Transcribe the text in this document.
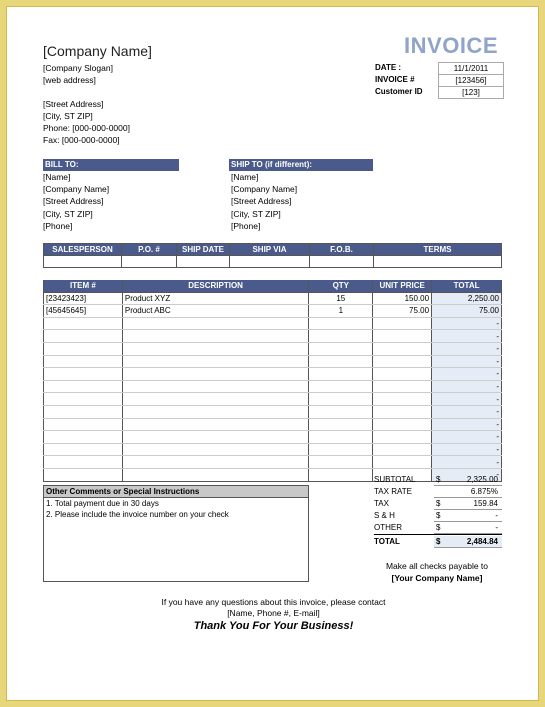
[Company Name]
[Company Slogan]
[web address]
[Street Address]
[City, ST ZIP]
Phone: [000-000-0000]
Fax: [000-000-0000]
INVOICE
DATE :	11/1/2011
INVOICE #	[123456]
Customer ID	[123]
BILL TO:
[Name]
[Company Name]
[Street Address]
[City, ST ZIP]
[Phone]
SHIP TO (if different):
[Name]
[Company Name]
[Street Address]
[City, ST ZIP]
[Phone]
SALESPERSON	P.O. #	SHIP DATE	SHIP VIA	F.O.B.	TERMS

ITEM #	DESCRIPTION	QTY	UNIT PRICE	TOTAL
[23423423]	Product XYZ	15	150.00	2,250.00
[45645645]	Product ABC	1	75.00	75.00
				-
				-
				-
				-
				-
				-
				-
				-
				-
				-
				-
				-
				-
Other Comments or Special Instructions
1. Total payment due in 30 days
2. Please include the invoice number on your check
SUBTOTAL	$	2,325.00
TAX RATE	6.875%
TAX	$	159.84
S & H	$	-
OTHER	$	-
TOTAL	$	2,484.84
Make all checks payable to
[Your Company Name]
If you have any questions about this invoice, please contact
[Name, Phone #, E-mail]
Thank You For Your Business!
